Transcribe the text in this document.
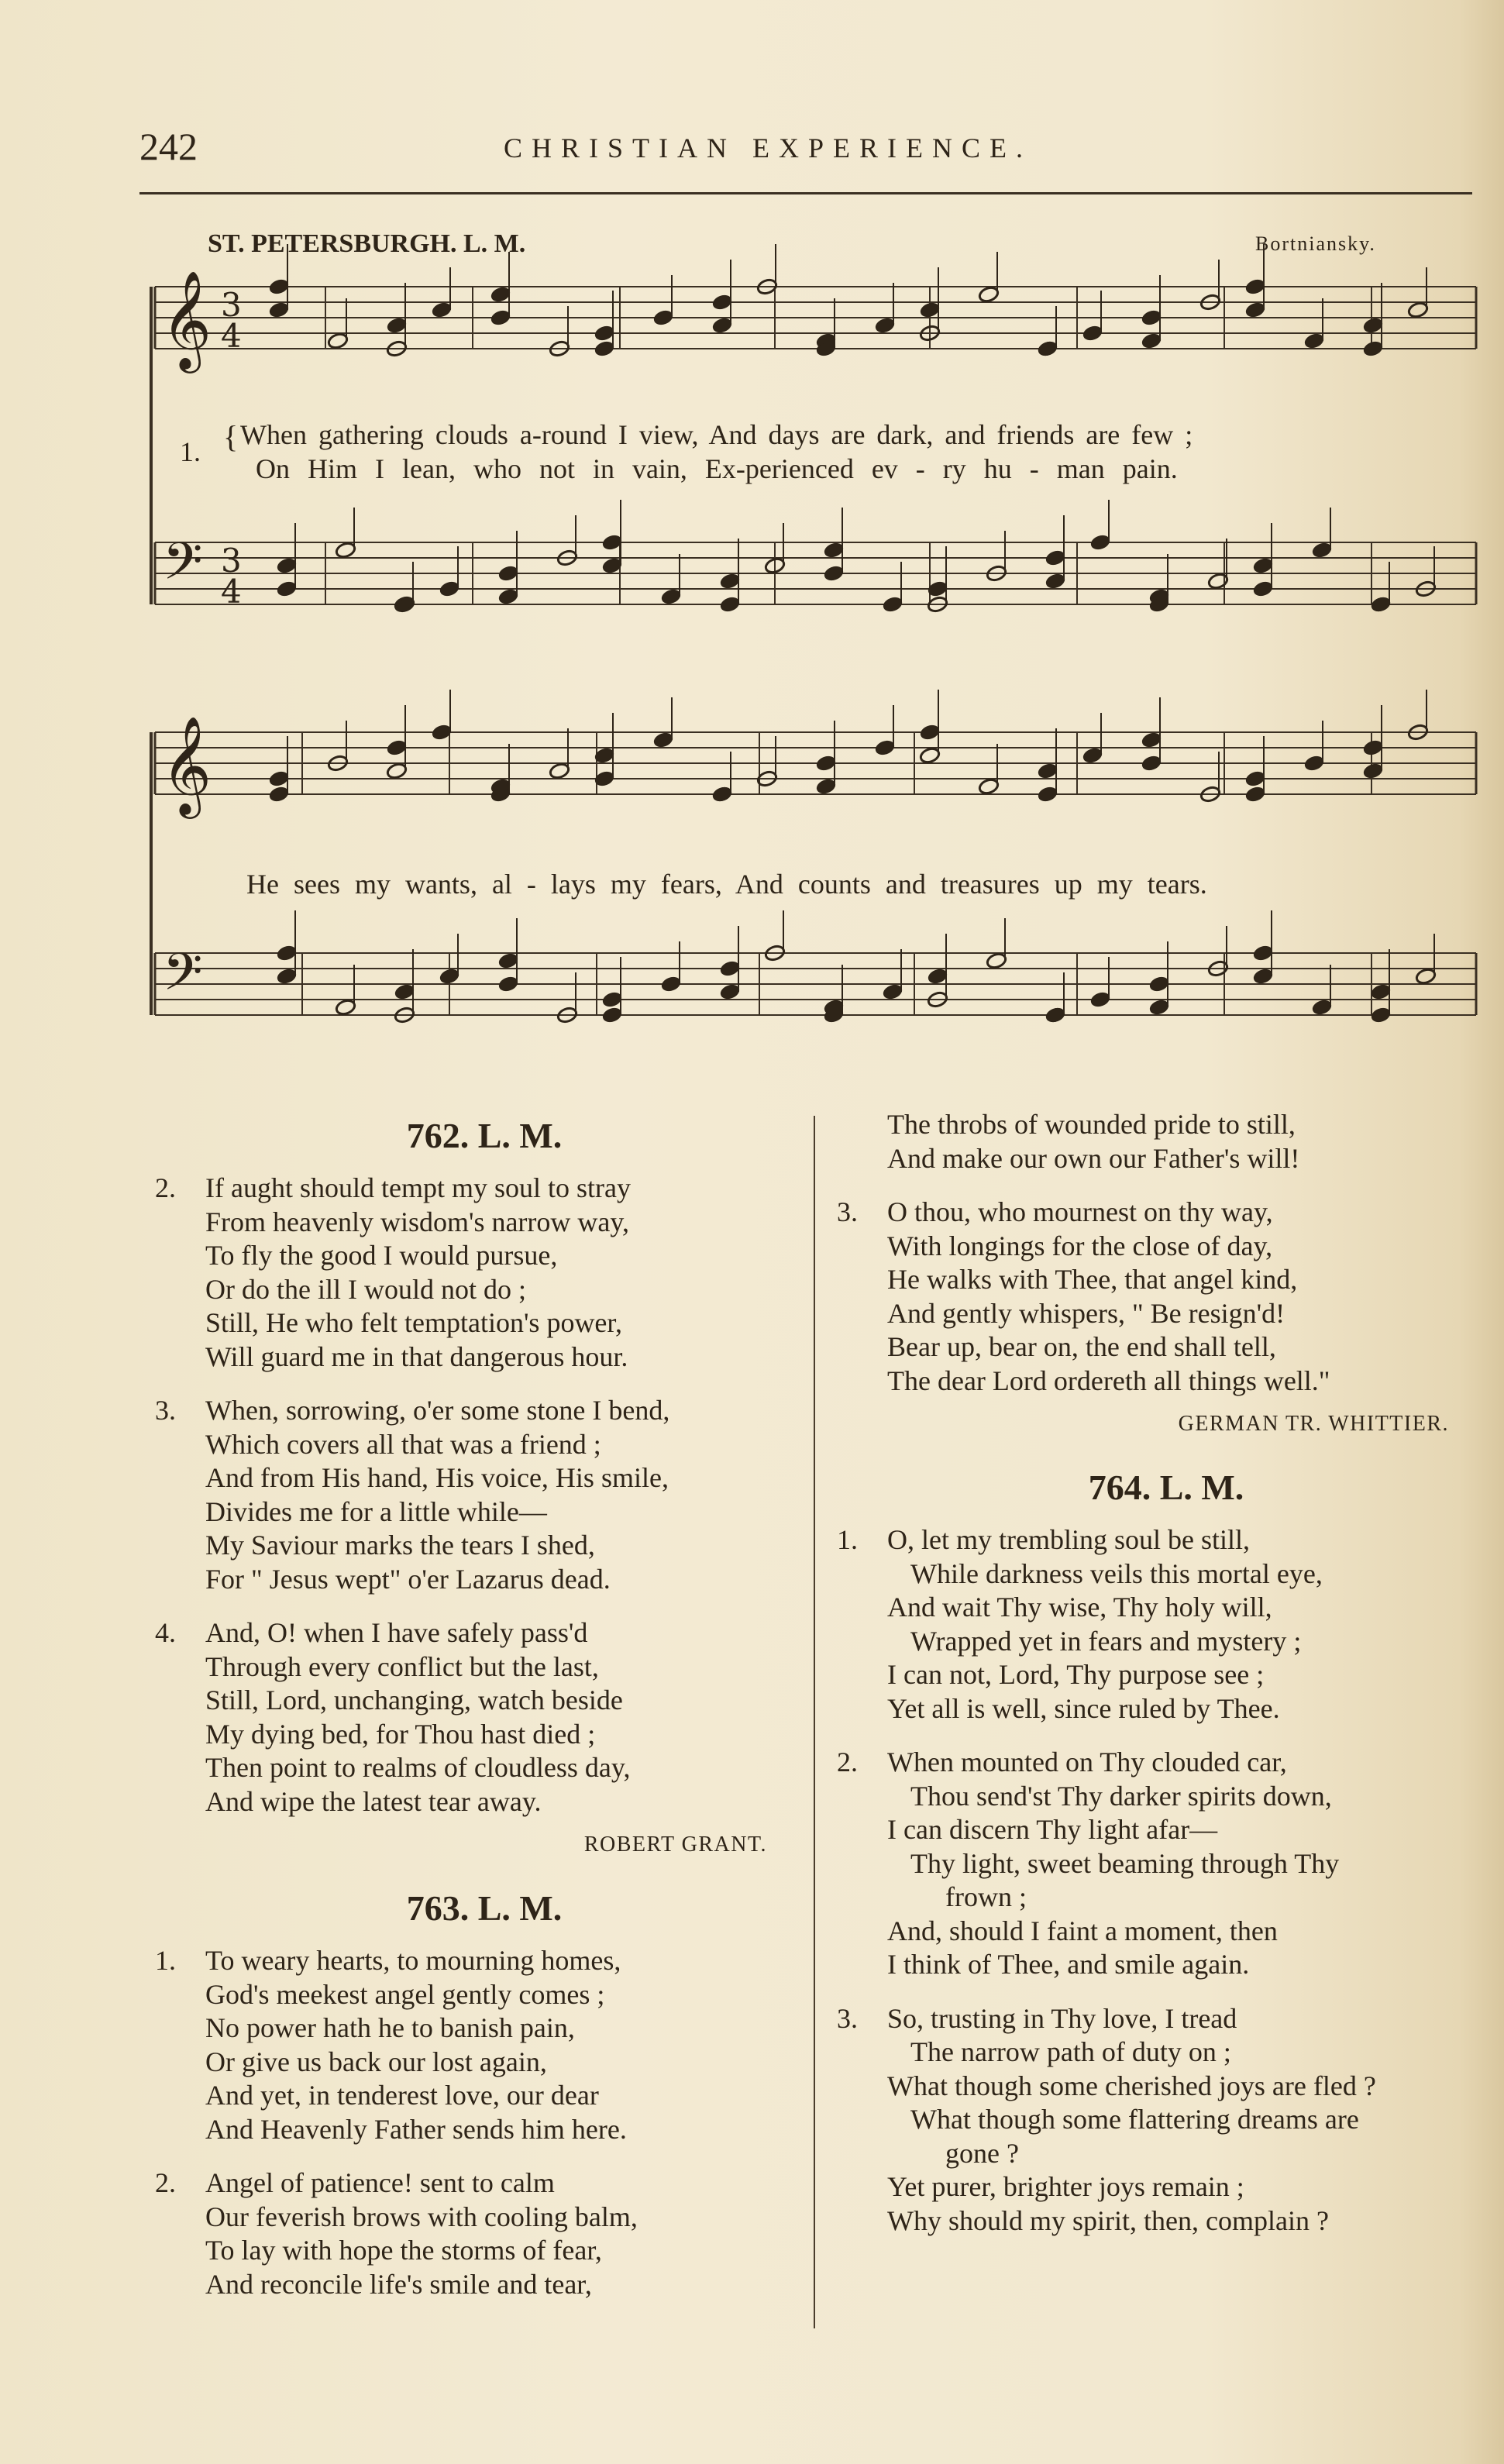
242	CHRISTIAN EXPERIENCE.
ST. PETERSBURGH. L. M.	Bortniansky.
𝄞
𝄢
𝄞
𝄢
3
4
3
4
{
1.
When gathering clouds a-round I view, And days are dark, and friends are few ;
On Him I lean, who not in vain, Ex-perienced ev - ry hu - man pain.
He sees my wants, al - lays my fears, And counts and treasures up my tears.
762. L. M.
2.	If aught should tempt my soul to stray
From heavenly wisdom's narrow way,
To fly the good I would pursue,
Or do the ill I would not do ;
Still, He who felt temptation's power,
Will guard me in that dangerous hour.
3.	When, sorrowing, o'er some stone I bend,
Which covers all that was a friend ;
And from His hand, His voice, His smile,
Divides me for a little while—
My Saviour marks the tears I shed,
For " Jesus wept" o'er Lazarus dead.
4.	And, O! when I have safely pass'd
Through every conflict but the last,
Still, Lord, unchanging, watch beside
My dying bed, for Thou hast died ;
Then point to realms of cloudless day,
And wipe the latest tear away.
ROBERT GRANT.
763. L. M.
1.	To weary hearts, to mourning homes,
God's meekest angel gently comes ;
No power hath he to banish pain,
Or give us back our lost again,
And yet, in tenderest love, our dear
And Heavenly Father sends him here.
2.	Angel of patience! sent to calm
Our feverish brows with cooling balm,
To lay with hope the storms of fear,
And reconcile life's smile and tear,
The throbs of wounded pride to still,
And make our own our Father's will!
3.	O thou, who mournest on thy way,
With longings for the close of day,
He walks with Thee, that angel kind,
And gently whispers, " Be resign'd!
Bear up, bear on, the end shall tell,
The dear Lord ordereth all things well."
GERMAN TR. WHITTIER.
764. L. M.
1.	O, let my trembling soul be still,
While darkness veils this mortal eye,
And wait Thy wise, Thy holy will,
Wrapped yet in fears and mystery ;
I can not, Lord, Thy purpose see ;
Yet all is well, since ruled by Thee.
2.	When mounted on Thy clouded car,
Thou send'st Thy darker spirits down,
I can discern Thy light afar—
Thy light, sweet beaming through Thy
frown ;
And, should I faint a moment, then
I think of Thee, and smile again.
3.	So, trusting in Thy love, I tread
The narrow path of duty on ;
What though some cherished joys are fled ?
What though some flattering dreams are
gone ?
Yet purer, brighter joys remain ;
Why should my spirit, then, complain ?
